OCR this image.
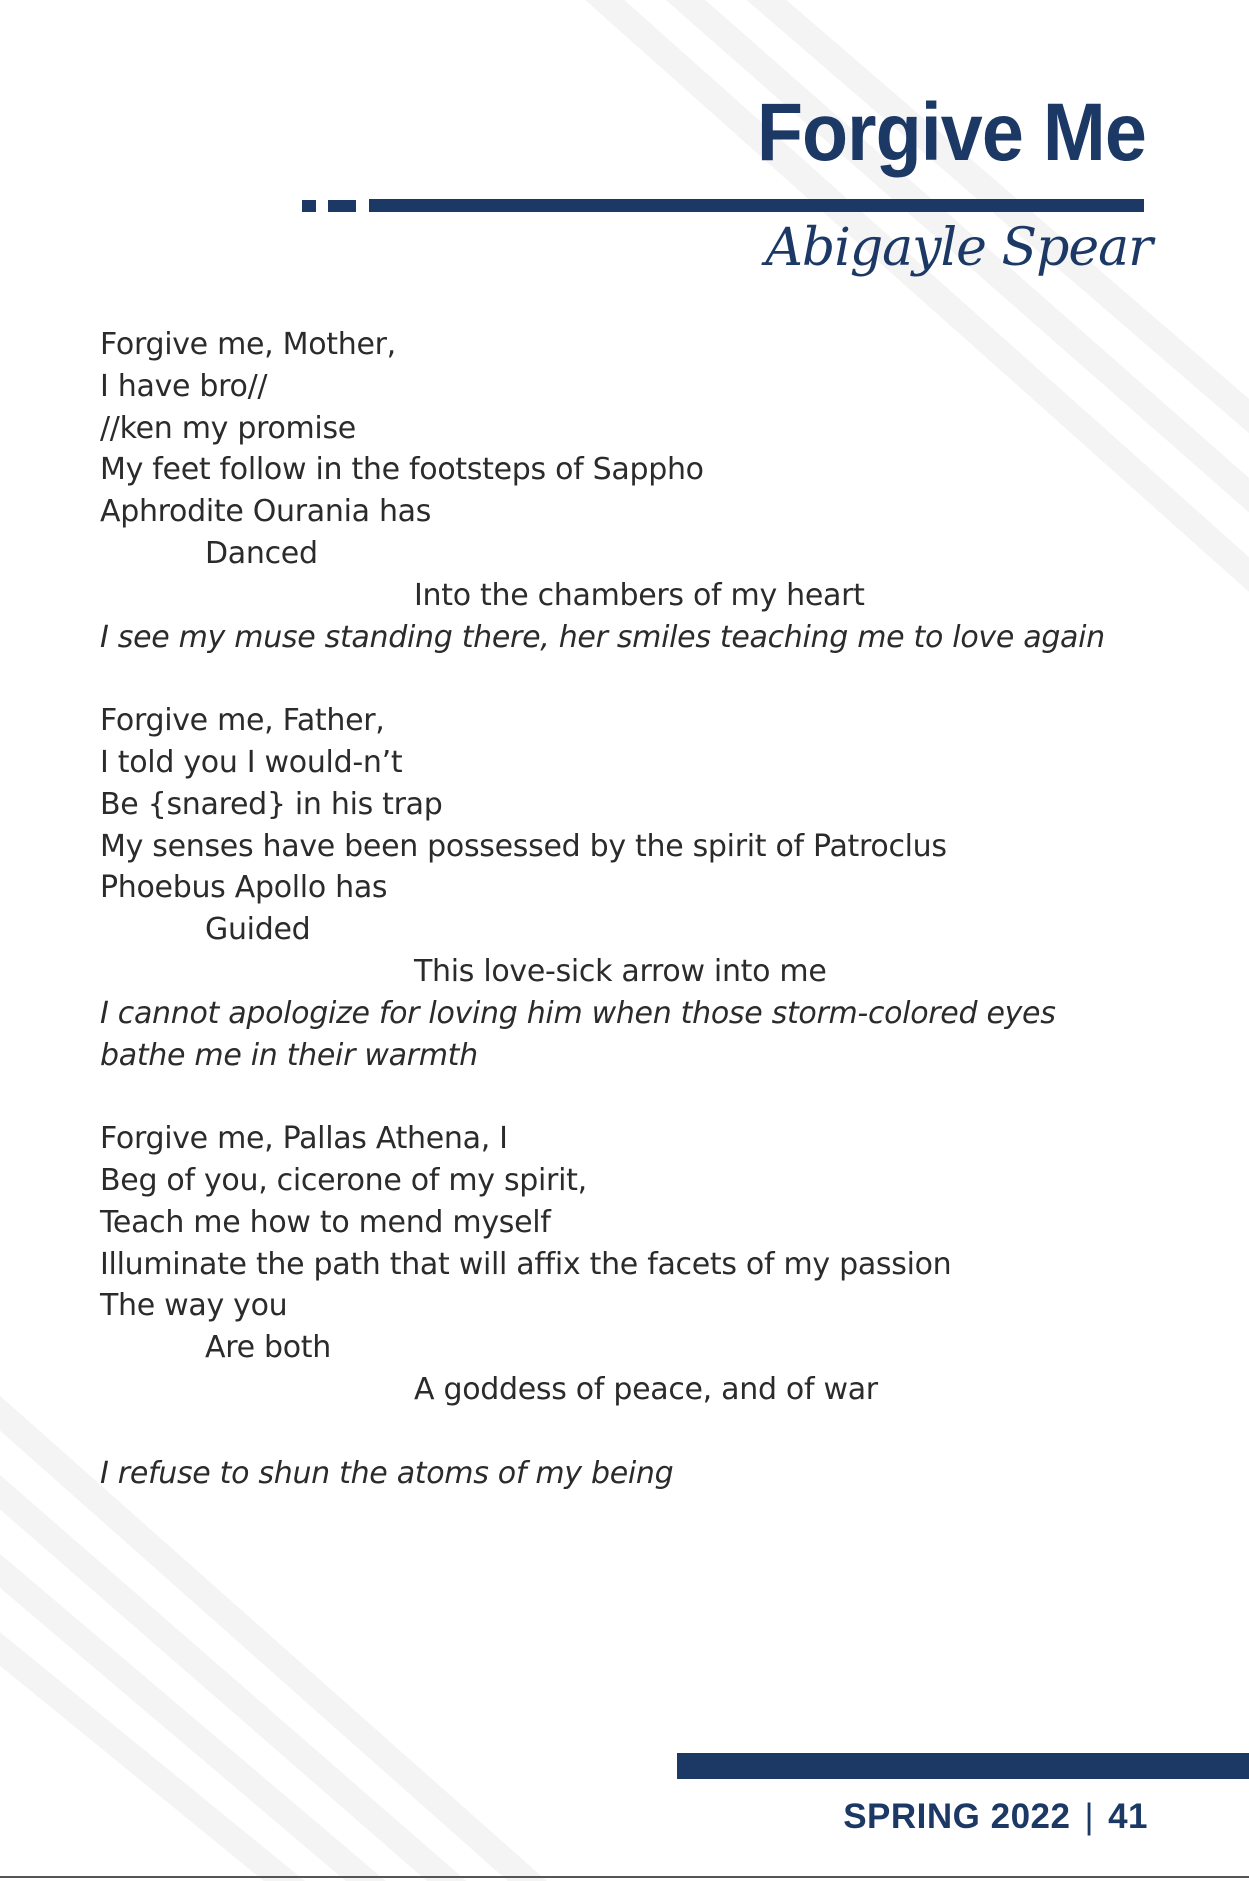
Forgive Me
Abigayle Spear
Forgive me, Mother,
I have bro//
//ken my promise
My feet follow in the footsteps of Sappho
Aphrodite Ourania has
Danced
Into the chambers of my heart
I see my muse standing there, her smiles teaching me to love again
Forgive me, Father,
I told you I would-n’t
Be {snared} in his trap
My senses have been possessed by the spirit of Patroclus
Phoebus Apollo has
Guided
This love-sick arrow into me
I cannot apologize for loving him when those storm-colored eyes
bathe me in their warmth
Forgive me, Pallas Athena, I
Beg of you, cicerone of my spirit,
Teach me how to mend myself
Illuminate the path that will affix the facets of my passion
The way you
Are both
A goddess of peace, and of war
I refuse to shun the atoms of my being
SPRING 2022 | 41
